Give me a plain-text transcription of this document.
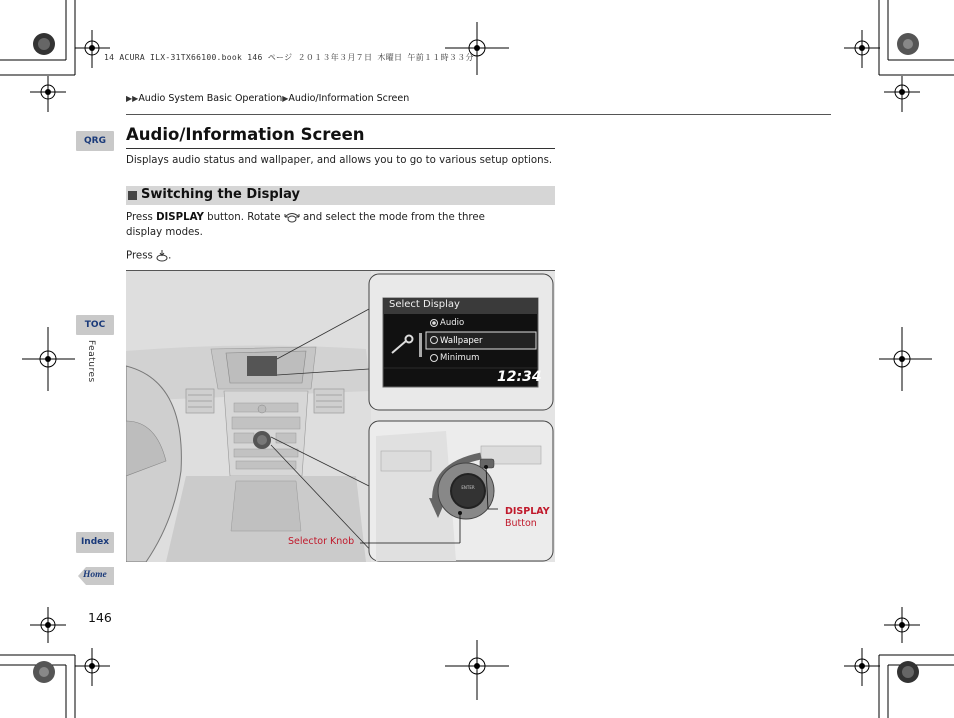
14 ACURA ILX-31TX66100.book 146 ページ ２０１３年３月７日 木曜日 午前１１時３３分
▶▶Audio System Basic Operation▶Audio/Information Screen
QRG
TOC
Features
Index
Home
Audio/Information Screen
Displays audio status and wallpaper, and allows you to go to various setup options.
Switching the Display
Press DISPLAY button. Rotate  and select the mode from the three display modes.
Press .
ENTER
Select Display
Audio
Wallpaper
Minimum
12:34
Selector Knob
DISPLAY
Button
146
